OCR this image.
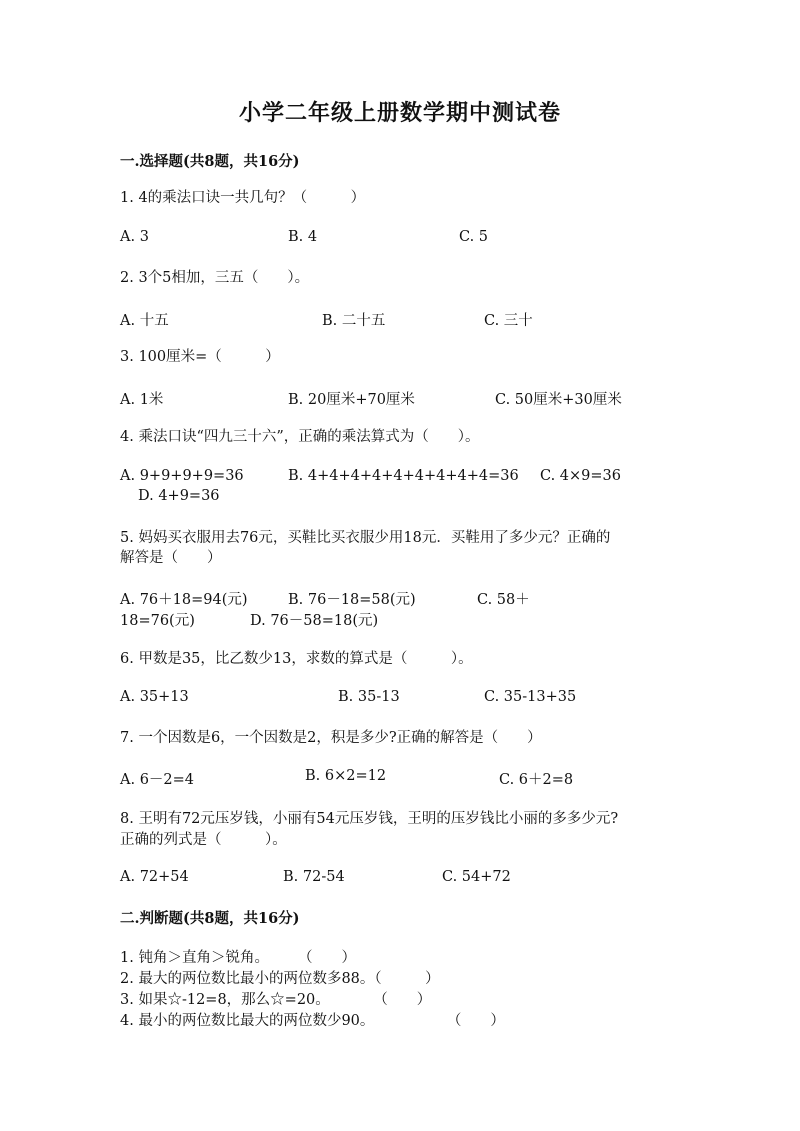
小学二年级上册数学期中测试卷
一.选择题(共8题，共16分)
1. 4的乘法口诀一共几句？（　　　）
A. 3	B. 4	C. 5
2. 3个5相加，三五（　　）。
A. 十五	B. 二十五	C. 三十
3. 100厘米=（　　　）
A. 1米	B. 20厘米+70厘米	C. 50厘米+30厘米
4. 乘法口诀“四九三十六”，正确的乘法算式为（　　）。
A. 9+9+9+9=36	B. 4+4+4+4+4+4+4+4+4=36 C. 4×9=36
D. 4+9=36
5. 妈妈买衣服用去76元，买鞋比买衣服少用18元．买鞋用了多少元？正确的
解答是（　　）
A. 76＋18=94(元)	B. 76－18=58(元)	C. 58＋
18=76(元)	D. 76－58=18(元)
6. 甲数是35，比乙数少13，求数的算式是（　　　）。
A. 35+13	B. 35-13	C. 35-13+35
7. 一个因数是6，一个因数是2，积是多少?正确的解答是（　　）
A. 6－2=4	B. 6×2=12	C. 6＋2=8
8. 王明有72元压岁钱，小丽有54元压岁钱，王明的压岁钱比小丽的多多少元?
正确的列式是（　　　）。
A. 72+54	B. 72-54	C. 54+72
二.判断题(共8题，共16分)
1. 钝角＞直角＞锐角。　　　（　　）
2. 最大的两位数比最小的两位数多88。（　　　）
3. 如果☆-12=8，那么☆=20。　　　　（　　）
4. 最小的两位数比最大的两位数少90。　　　　　　（　　）
